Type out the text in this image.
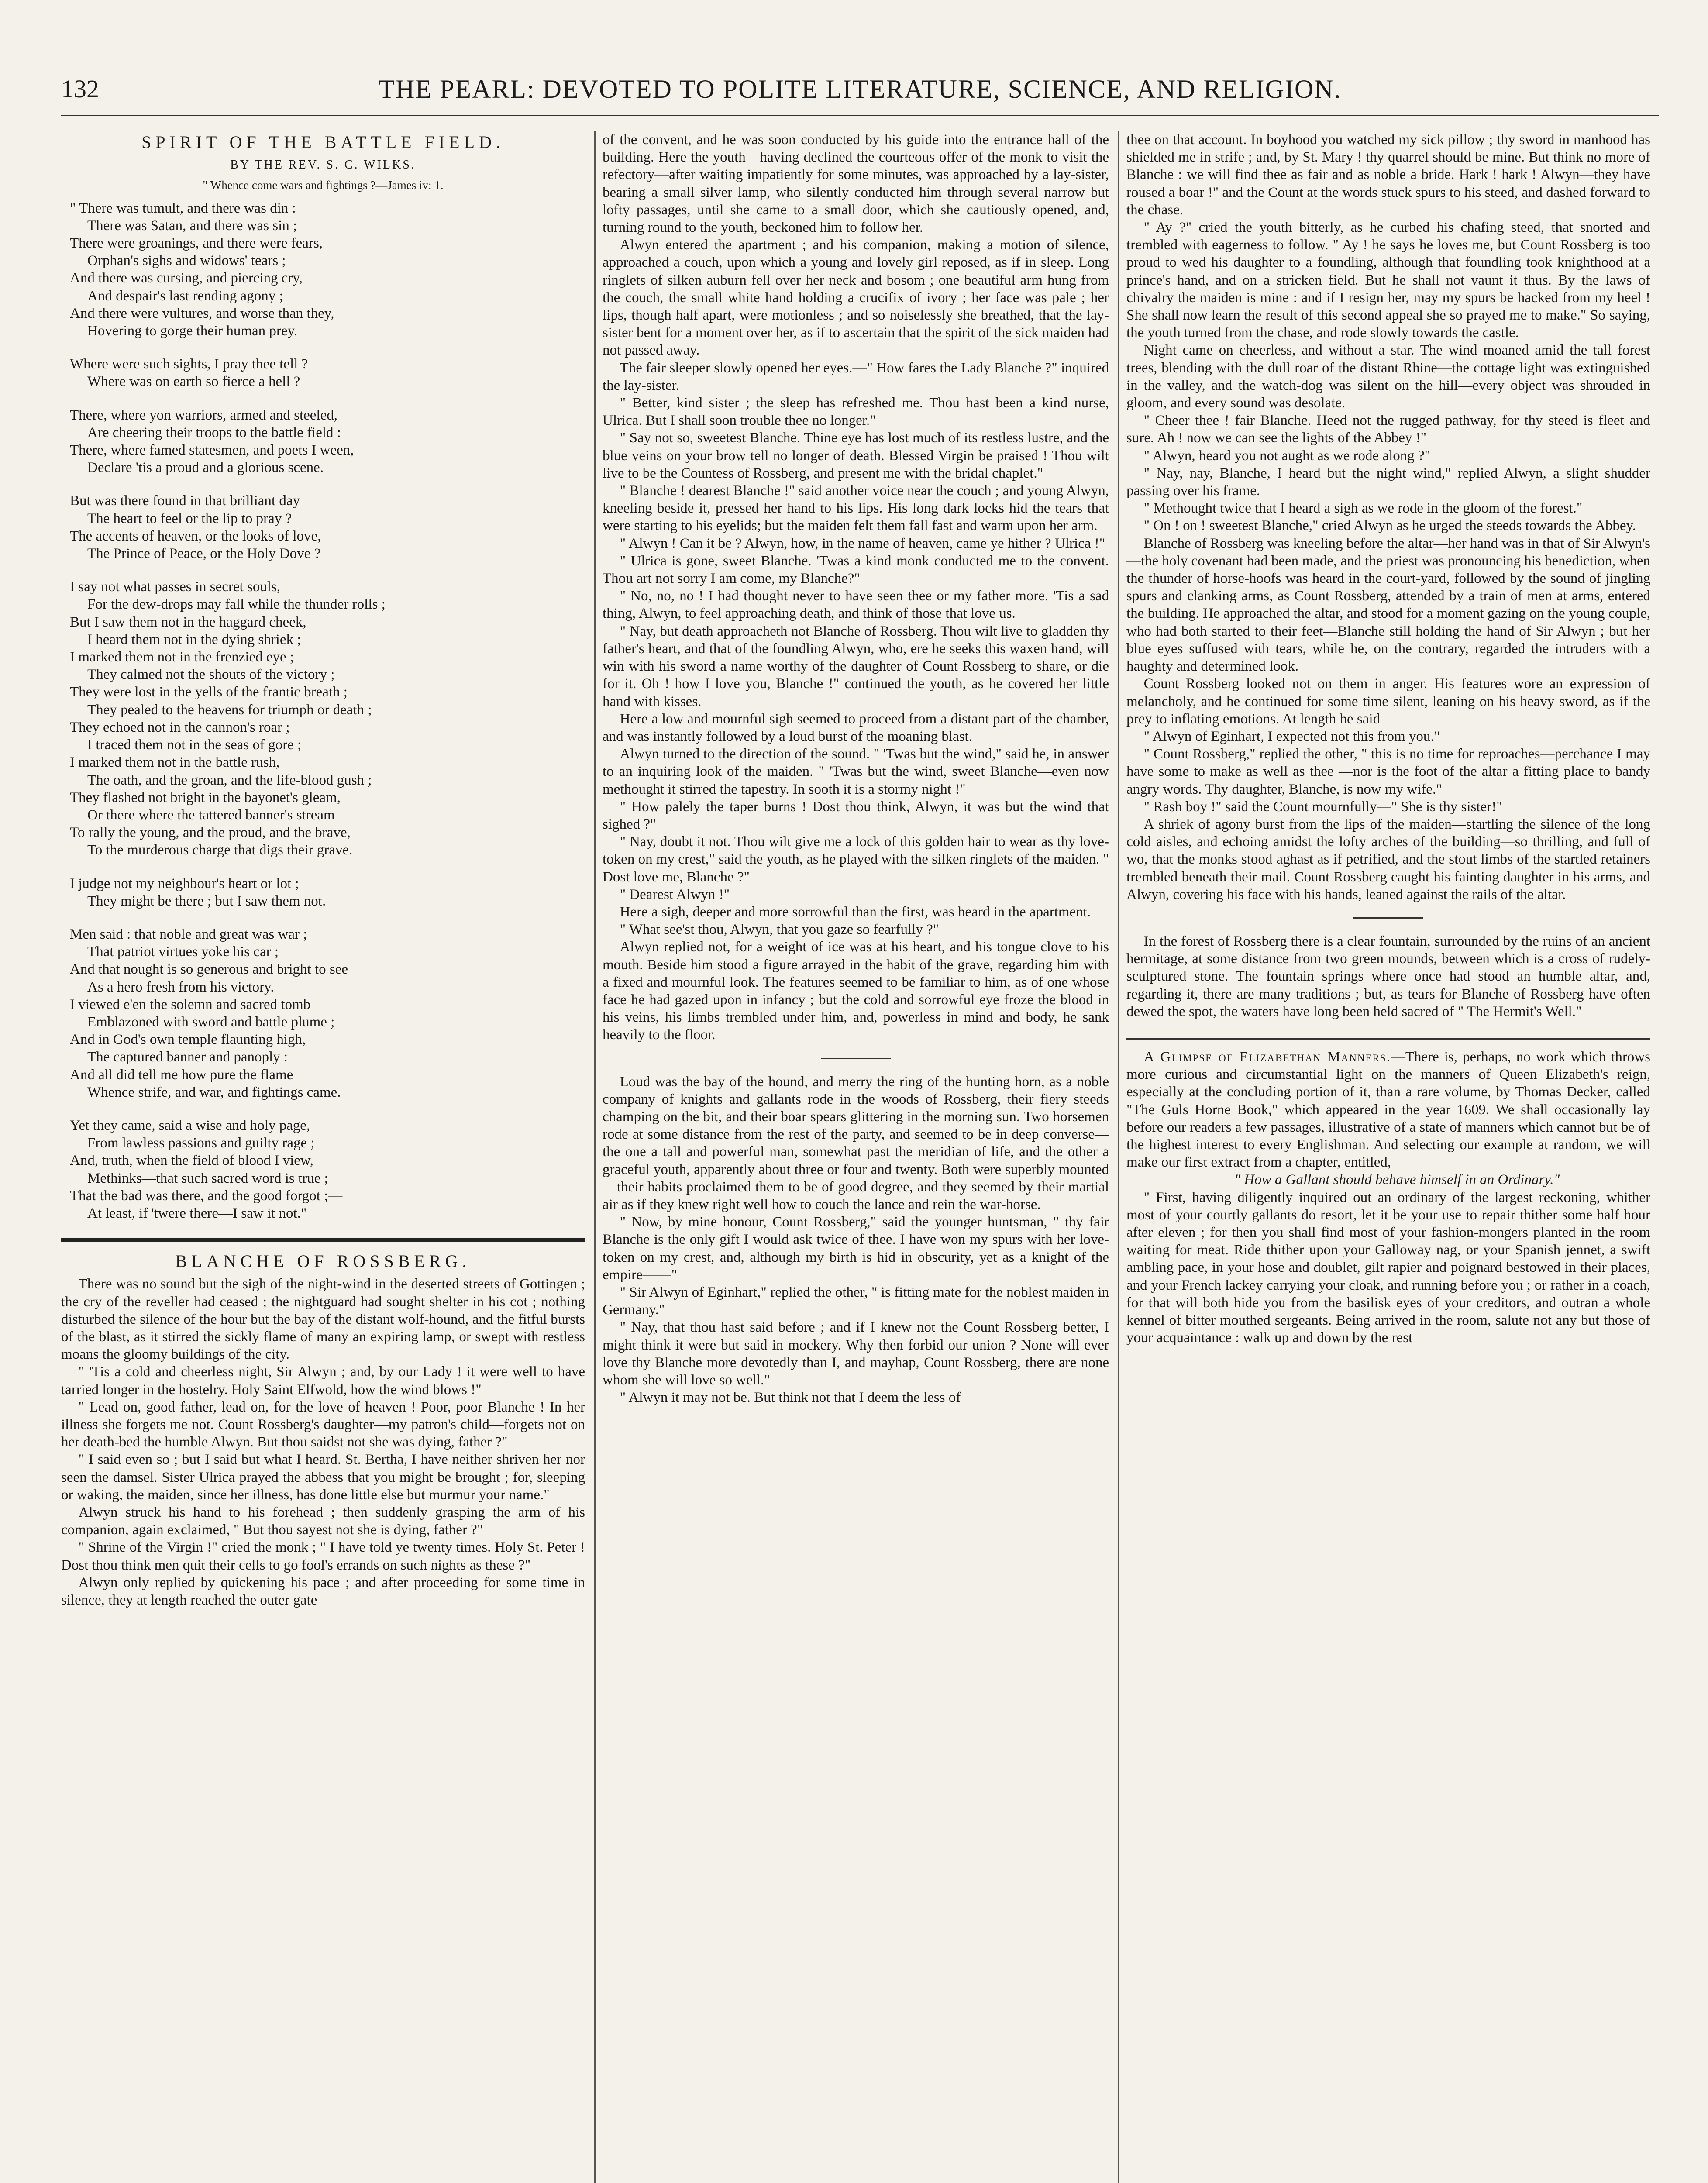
132	THE PEARL: DEVOTED TO POLITE LITERATURE, SCIENCE, AND RELIGION.
SPIRIT OF THE BATTLE FIELD.
BY THE REV. S. C. WILKS.
" Whence come wars and fightings ?—James iv: 1.
" There was tumult, and there was din :
There was Satan, and there was sin ;
There were groanings, and there were fears,
Orphan's sighs and widows' tears ;
And there was cursing, and piercing cry,
And despair's last rending agony ;
And there were vultures, and worse than they,
Hovering to gorge their human prey.
Where were such sights, I pray thee tell ?
Where was on earth so fierce a hell ?
There, where yon warriors, armed and steeled,
Are cheering their troops to the battle field :
There, where famed statesmen, and poets I ween,
Declare 'tis a proud and a glorious scene.
But was there found in that brilliant day
The heart to feel or the lip to pray ?
The accents of heaven, or the looks of love,
The Prince of Peace, or the Holy Dove ?
I say not what passes in secret souls,
For the dew-drops may fall while the thunder rolls ;
But I saw them not in the haggard cheek,
I heard them not in the dying shriek ;
I marked them not in the frenzied eye ;
They calmed not the shouts of the victory ;
They were lost in the yells of the frantic breath ;
They pealed to the heavens for triumph or death ;
They echoed not in the cannon's roar ;
I traced them not in the seas of gore ;
I marked them not in the battle rush,
The oath, and the groan, and the life-blood gush ;
They flashed not bright in the bayonet's gleam,
Or there where the tattered banner's stream
To rally the young, and the proud, and the brave,
To the murderous charge that digs their grave.
I judge not my neighbour's heart or lot ;
They might be there ; but I saw them not.
Men said : that noble and great was war ;
That patriot virtues yoke his car ;
And that nought is so generous and bright to see
As a hero fresh from his victory.
I viewed e'en the solemn and sacred tomb
Emblazoned with sword and battle plume ;
And in God's own temple flaunting high,
The captured banner and panoply :
And all did tell me how pure the flame
Whence strife, and war, and fightings came.
Yet they came, said a wise and holy page,
From lawless passions and guilty rage ;
And, truth, when the field of blood I view,
Methinks—that such sacred word is true ;
That the bad was there, and the good forgot ;—
At least, if 'twere there—I saw it not."
BLANCHE OF ROSSBERG.

There was no sound but the sigh of the night-wind in the deserted streets of Gottingen ; the cry of the reveller had ceased ; the nightguard had sought shelter in his cot ; nothing disturbed the silence of the hour but the bay of the distant wolf-hound, and the fitful bursts of the blast, as it stirred the sickly flame of many an expiring lamp, or swept with restless moans the gloomy buildings of the city.

" 'Tis a cold and cheerless night, Sir Alwyn ; and, by our Lady ! it were well to have tarried longer in the hostelry. Holy Saint Elfwold, how the wind blows !"

" Lead on, good father, lead on, for the love of heaven ! Poor, poor Blanche ! In her illness she forgets me not. Count Rossberg's daughter—my patron's child—forgets not on her death-bed the humble Alwyn. But thou saidst not she was dying, father ?"

" I said even so ; but I said but what I heard. St. Bertha, I have neither shriven her nor seen the damsel. Sister Ulrica prayed the abbess that you might be brought ; for, sleeping or waking, the maiden, since her illness, has done little else but murmur your name."

Alwyn struck his hand to his forehead ; then suddenly grasping the arm of his companion, again exclaimed, " But thou sayest not she is dying, father ?"

" Shrine of the Virgin !" cried the monk ; " I have told ye twenty times. Holy St. Peter ! Dost thou think men quit their cells to go fool's errands on such nights as these ?"

Alwyn only replied by quickening his pace ; and after proceeding for some time in silence, they at length reached the outer gate

of the convent, and he was soon conducted by his guide into the entrance hall of the building. Here the youth—having declined the courteous offer of the monk to visit the refectory—after waiting impatiently for some minutes, was approached by a lay-sister, bearing a small silver lamp, who silently conducted him through several narrow but lofty passages, until she came to a small door, which she cautiously opened, and, turning round to the youth, beckoned him to follow her.

Alwyn entered the apartment ; and his companion, making a motion of silence, approached a couch, upon which a young and lovely girl reposed, as if in sleep. Long ringlets of silken auburn fell over her neck and bosom ; one beautiful arm hung from the couch, the small white hand holding a crucifix of ivory ; her face was pale ; her lips, though half apart, were motionless ; and so noiselessly she breathed, that the lay-sister bent for a moment over her, as if to ascertain that the spirit of the sick maiden had not passed away.

The fair sleeper slowly opened her eyes.—" How fares the Lady Blanche ?" inquired the lay-sister.

" Better, kind sister ; the sleep has refreshed me. Thou hast been a kind nurse, Ulrica. But I shall soon trouble thee no longer."

" Say not so, sweetest Blanche. Thine eye has lost much of its restless lustre, and the blue veins on your brow tell no longer of death. Blessed Virgin be praised ! Thou wilt live to be the Countess of Rossberg, and present me with the bridal chaplet."

" Blanche ! dearest Blanche !" said another voice near the couch ; and young Alwyn, kneeling beside it, pressed her hand to his lips. His long dark locks hid the tears that were starting to his eyelids; but the maiden felt them fall fast and warm upon her arm.

" Alwyn ! Can it be ? Alwyn, how, in the name of heaven, came ye hither ? Ulrica !"

" Ulrica is gone, sweet Blanche. 'Twas a kind monk conducted me to the convent. Thou art not sorry I am come, my Blanche?"

" No, no, no ! I had thought never to have seen thee or my father more. 'Tis a sad thing, Alwyn, to feel approaching death, and think of those that love us.

" Nay, but death approacheth not Blanche of Rossberg. Thou wilt live to gladden thy father's heart, and that of the foundling Alwyn, who, ere he seeks this waxen hand, will win with his sword a name worthy of the daughter of Count Rossberg to share, or die for it. Oh ! how I love you, Blanche !" continued the youth, as he covered her little hand with kisses.

Here a low and mournful sigh seemed to proceed from a distant part of the chamber, and was instantly followed by a loud burst of the moaning blast.

Alwyn turned to the direction of the sound. " 'Twas but the wind," said he, in answer to an inquiring look of the maiden. " 'Twas but the wind, sweet Blanche—even now methought it stirred the tapestry. In sooth it is a stormy night !"

" How palely the taper burns ! Dost thou think, Alwyn, it was but the wind that sighed ?"

" Nay, doubt it not. Thou wilt give me a lock of this golden hair to wear as thy love-token on my crest," said the youth, as he played with the silken ringlets of the maiden. " Dost love me, Blanche ?"

" Dearest Alwyn !"

Here a sigh, deeper and more sorrowful than the first, was heard in the apartment.

" What see'st thou, Alwyn, that you gaze so fearfully ?"

Alwyn replied not, for a weight of ice was at his heart, and his tongue clove to his mouth. Beside him stood a figure arrayed in the habit of the grave, regarding him with a fixed and mournful look. The features seemed to be familiar to him, as of one whose face he had gazed upon in infancy ; but the cold and sorrowful eye froze the blood in his veins, his limbs trembled under him, and, powerless in mind and body, he sank heavily to the floor.

Loud was the bay of the hound, and merry the ring of the hunting horn, as a noble company of knights and gallants rode in the woods of Rossberg, their fiery steeds champing on the bit, and their boar spears glittering in the morning sun. Two horsemen rode at some distance from the rest of the party, and seemed to be in deep converse—the one a tall and powerful man, somewhat past the meridian of life, and the other a graceful youth, apparently about three or four and twenty. Both were superbly mounted—their habits proclaimed them to be of good degree, and they seemed by their martial air as if they knew right well how to couch the lance and rein the war-horse.

" Now, by mine honour, Count Rossberg," said the younger huntsman, " thy fair Blanche is the only gift I would ask twice of thee. I have won my spurs with her love-token on my crest, and, although my birth is hid in obscurity, yet as a knight of the empire——"

" Sir Alwyn of Eginhart," replied the other, " is fitting mate for the noblest maiden in Germany."

" Nay, that thou hast said before ; and if I knew not the Count Rossberg better, I might think it were but said in mockery. Why then forbid our union ? None will ever love thy Blanche more devotedly than I, and mayhap, Count Rossberg, there are none whom she will love so well."

" Alwyn it may not be. But think not that I deem the less of

thee on that account. In boyhood you watched my sick pillow ; thy sword in manhood has shielded me in strife ; and, by St. Mary ! thy quarrel should be mine. But think no more of Blanche : we will find thee as fair and as noble a bride. Hark ! hark ! Alwyn—they have roused a boar !" and the Count at the words stuck spurs to his steed, and dashed forward to the chase.

" Ay ?" cried the youth bitterly, as he curbed his chafing steed, that snorted and trembled with eagerness to follow. " Ay ! he says he loves me, but Count Rossberg is too proud to wed his daughter to a foundling, although that foundling took knighthood at a prince's hand, and on a stricken field. But he shall not vaunt it thus. By the laws of chivalry the maiden is mine : and if I resign her, may my spurs be hacked from my heel ! She shall now learn the result of this second appeal she so prayed me to make." So saying, the youth turned from the chase, and rode slowly towards the castle.

Night came on cheerless, and without a star. The wind moaned amid the tall forest trees, blending with the dull roar of the distant Rhine—the cottage light was extinguished in the valley, and the watch-dog was silent on the hill—every object was shrouded in gloom, and every sound was desolate.

" Cheer thee ! fair Blanche. Heed not the rugged pathway, for thy steed is fleet and sure. Ah ! now we can see the lights of the Abbey !"

" Alwyn, heard you not aught as we rode along ?"

" Nay, nay, Blanche, I heard but the night wind," replied Alwyn, a slight shudder passing over his frame.

" Methought twice that I heard a sigh as we rode in the gloom of the forest."

" On ! on ! sweetest Blanche," cried Alwyn as he urged the steeds towards the Abbey.

Blanche of Rossberg was kneeling before the altar—her hand was in that of Sir Alwyn's—the holy covenant had been made, and the priest was pronouncing his benediction, when the thunder of horse-hoofs was heard in the court-yard, followed by the sound of jingling spurs and clanking arms, as Count Rossberg, attended by a train of men at arms, entered the building. He approached the altar, and stood for a moment gazing on the young couple, who had both started to their feet—Blanche still holding the hand of Sir Alwyn ; but her blue eyes suffused with tears, while he, on the contrary, regarded the intruders with a haughty and determined look.

Count Rossberg looked not on them in anger. His features wore an expression of melancholy, and he continued for some time silent, leaning on his heavy sword, as if the prey to inflating emotions. At length he said—

" Alwyn of Eginhart, I expected not this from you."

" Count Rossberg," replied the other, " this is no time for reproaches—perchance I may have some to make as well as thee —nor is the foot of the altar a fitting place to bandy angry words. Thy daughter, Blanche, is now my wife."

" Rash boy !" said the Count mournfully—" She is thy sister!"

A shriek of agony burst from the lips of the maiden—startling the silence of the long cold aisles, and echoing amidst the lofty arches of the building—so thrilling, and full of wo, that the monks stood aghast as if petrified, and the stout limbs of the startled retainers trembled beneath their mail. Count Rossberg caught his fainting daughter in his arms, and Alwyn, covering his face with his hands, leaned against the rails of the altar.

In the forest of Rossberg there is a clear fountain, surrounded by the ruins of an ancient hermitage, at some distance from two green mounds, between which is a cross of rudely-sculptured stone. The fountain springs where once had stood an humble altar, and, regarding it, there are many traditions ; but, as tears for Blanche of Rossberg have often dewed the spot, the waters have long been held sacred of " The Hermit's Well."

A Glimpse of Elizabethan Manners.—There is, perhaps, no work which throws more curious and circumstantial light on the manners of Queen Elizabeth's reign, especially at the concluding portion of it, than a rare volume, by Thomas Decker, called "The Guls Horne Book," which appeared in the year 1609. We shall occasionally lay before our readers a few passages, illustrative of a state of manners which cannot but be of the highest interest to every Englishman. And selecting our example at random, we will make our first extract from a chapter, entitled,

" How a Gallant should behave himself in an Ordinary."

" First, having diligently inquired out an ordinary of the largest reckoning, whither most of your courtly gallants do resort, let it be your use to repair thither some half hour after eleven ; for then you shall find most of your fashion-mongers planted in the room waiting for meat. Ride thither upon your Galloway nag, or your Spanish jennet, a swift ambling pace, in your hose and doublet, gilt rapier and poignard bestowed in their places, and your French lackey carrying your cloak, and running before you ; or rather in a coach, for that will both hide you from the basilisk eyes of your creditors, and outran a whole kennel of bitter mouthed sergeants. Being arrived in the room, salute not any but those of your acquaintance : walk up and down by the rest
